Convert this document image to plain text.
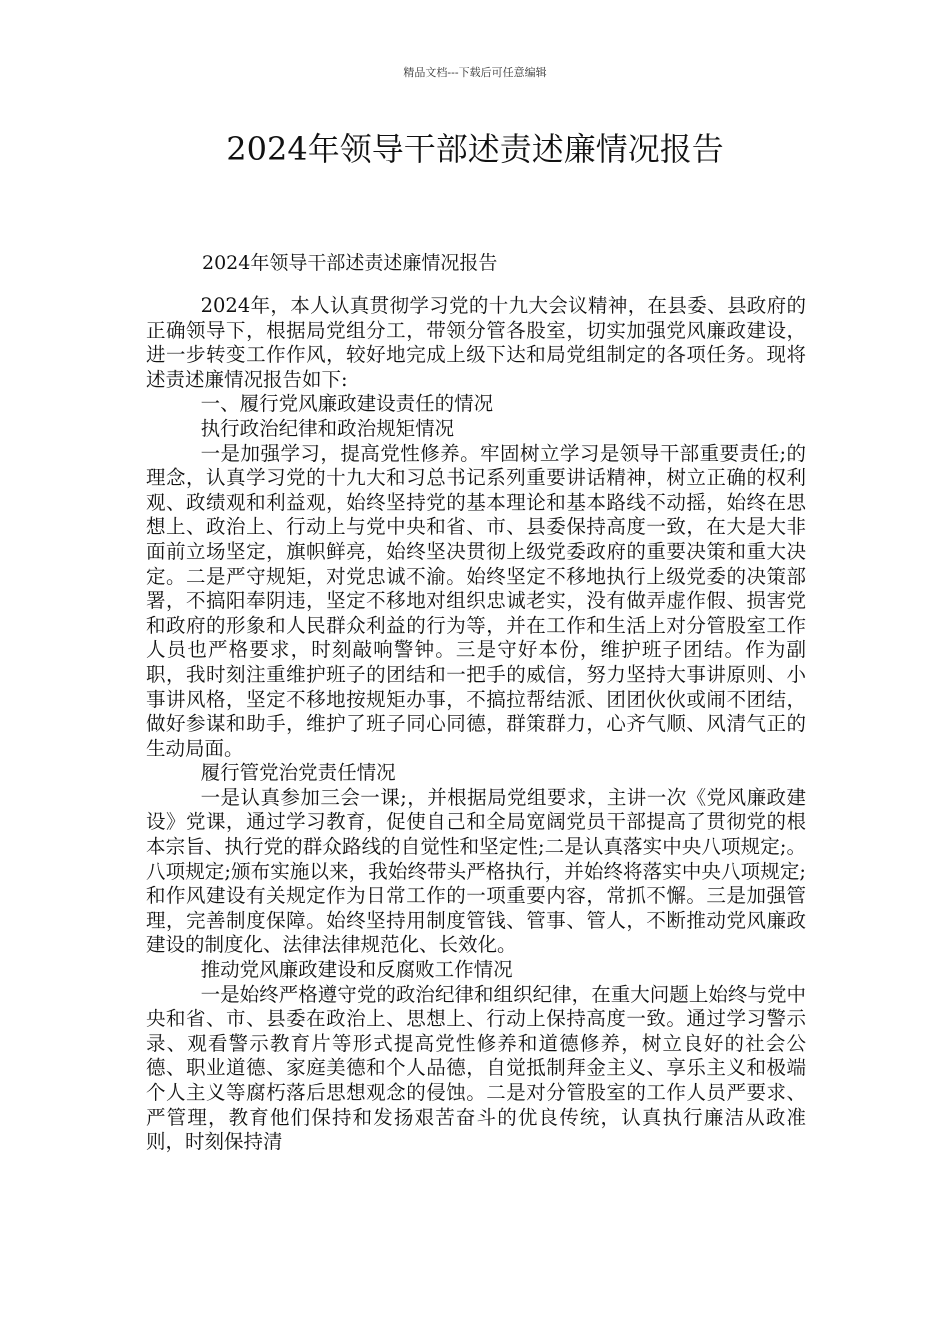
精品文档---下载后可任意编辑
2024年领导干部述责述廉情况报告

2024年领导干部述责述廉情况报告

2024年，本人认真贯彻学习党的十九大会议精神，在县委、县政府的正确领导下，根据局党组分工，带领分管各股室，切实加强党风廉政建设，进一步转变工作作风，较好地完成上级下达和局党组制定的各项任务。现将述责述廉情况报告如下:

一、履行党风廉政建设责任的情况

执行政治纪律和政治规矩情况

一是加强学习，提高党性修养。牢固树立学习是领导干部重要责任;的理念，认真学习党的十九大和习总书记系列重要讲话精神，树立正确的权利观、政绩观和利益观，始终坚持党的基本理论和基本路线不动摇，始终在思想上、政治上、行动上与党中央和省、市、县委保持高度一致，在大是大非面前立场坚定，旗帜鲜亮，始终坚决贯彻上级党委政府的重要决策和重大决定。二是严守规矩，对党忠诚不渝。始终坚定不移地执行上级党委的决策部署，不搞阳奉阴违，坚定不移地对组织忠诚老实，没有做弄虚作假、损害党和政府的形象和人民群众利益的行为等，并在工作和生活上对分管股室工作人员也严格要求，时刻敲响警钟。三是守好本份，维护班子团结。作为副职，我时刻注重维护班子的团结和一把手的威信，努力坚持大事讲原则、小事讲风格，坚定不移地按规矩办事，不搞拉帮结派、团团伙伙或闹不团结，做好参谋和助手，维护了班子同心同德，群策群力，心齐气顺、风清气正的生动局面。

履行管党治党责任情况

一是认真参加三会一课;，并根据局党组要求，主讲一次《党风廉政建设》党课，通过学习教育，促使自己和全局宽阔党员干部提高了贯彻党的根本宗旨、执行党的群众路线的自觉性和坚定性;二是认真落实中央八项规定;。八项规定;颁布实施以来，我始终带头严格执行，并始终将落实中央八项规定;和作风建设有关规定作为日常工作的一项重要内容，常抓不懈。三是加强管理，完善制度保障。始终坚持用制度管钱、管事、管人，不断推动党风廉政建设的制度化、法律法律规范化、长效化。

推动党风廉政建设和反腐败工作情况

一是始终严格遵守党的政治纪律和组织纪律，在重大问题上始终与党中央和省、市、县委在政治上、思想上、行动上保持高度一致。通过学习警示录、观看警示教育片等形式提高党性修养和道德修养，树立良好的社会公德、职业道德、家庭美德和个人品德，自觉抵制拜金主义、享乐主义和极端个人主义等腐朽落后思想观念的侵蚀。二是对分管股室的工作人员严要求、严管理，教育他们保持和发扬艰苦奋斗的优良传统，认真执行廉洁从政准则，时刻保持清
